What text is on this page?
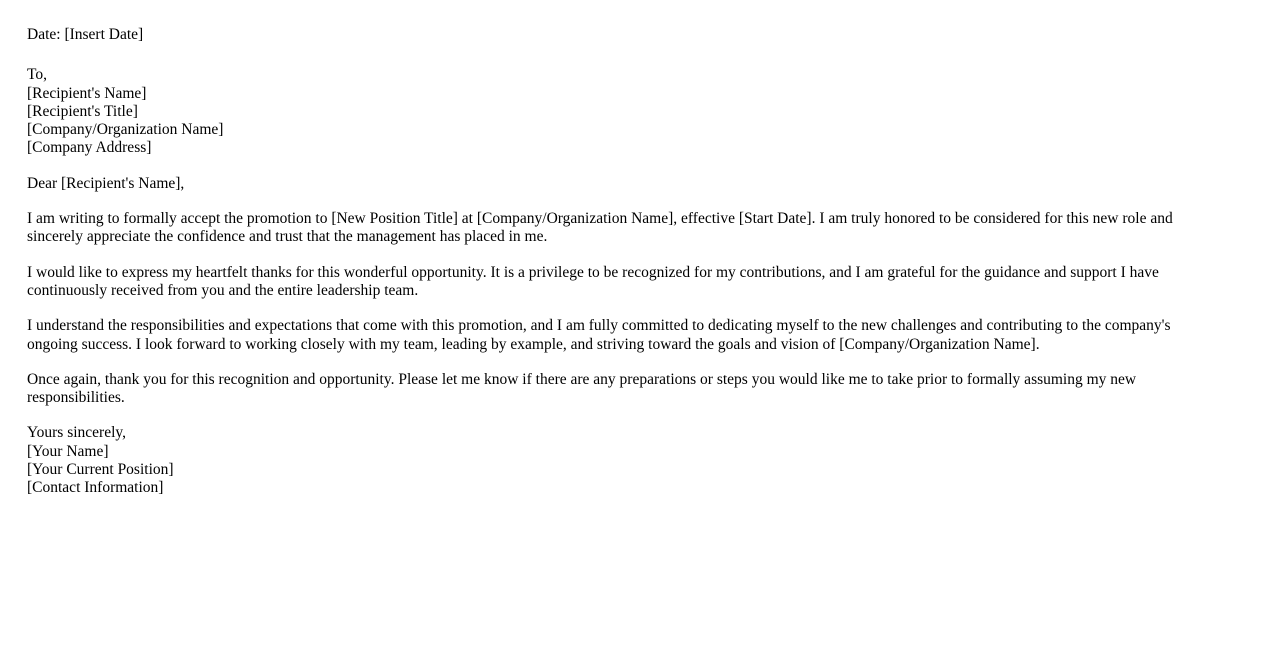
Date: [Insert Date]
To,
[Recipient's Name]
[Recipient's Title]
[Company/Organization Name]
[Company Address]
Dear [Recipient's Name],

I am writing to formally accept the promotion to [New Position Title] at [Company/Organization Name], effective [Start Date]. I am truly honored to be considered for this new role and sincerely appreciate the confidence and trust that the management has placed in me.

I would like to express my heartfelt thanks for this wonderful opportunity. It is a privilege to be recognized for my contributions, and I am grateful for the guidance and support I have continuously received from you and the entire leadership team.

I understand the responsibilities and expectations that come with this promotion, and I am fully committed to dedicating myself to the new challenges and contributing to the company's ongoing success. I look forward to working closely with my team, leading by example, and striving toward the goals and vision of [Company/Organization Name].

Once again, thank you for this recognition and opportunity. Please let me know if there are any preparations or steps you would like me to take prior to formally assuming my new responsibilities.

Yours sincerely,
[Your Name]
[Your Current Position]
[Contact Information]
